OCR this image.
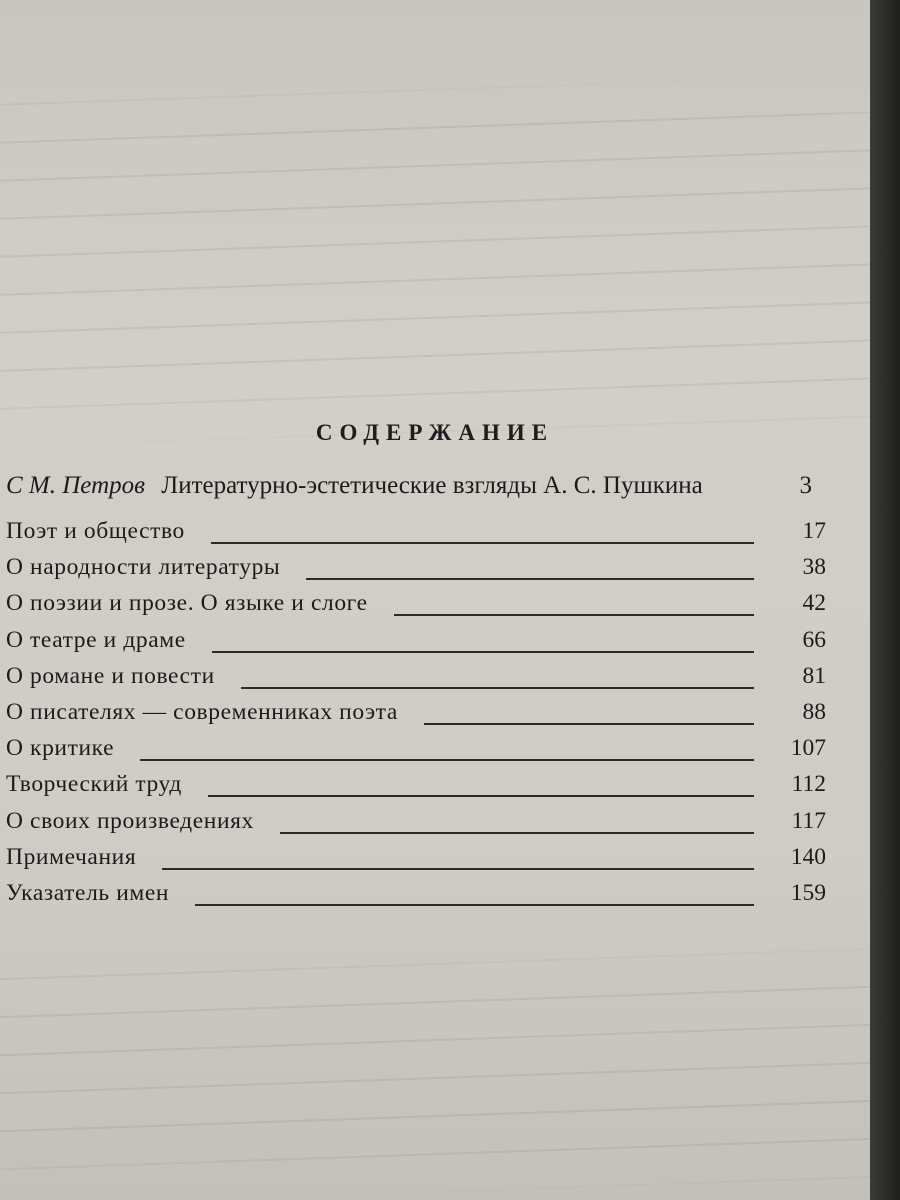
СОДЕРЖАНИЕ
С М. Петров Литературно-эстетические взгляды А. С. Пушкина	3
Поэт и общество	17
О народности литературы	38
О поэзии и прозе. О языке и слоге	42
О театре и драме	66
О романе и повести	81
О писателях — современниках поэта	88
О критике	107
Творческий труд	112
О своих произведениях	117
Примечания	140
Указатель имен	159
